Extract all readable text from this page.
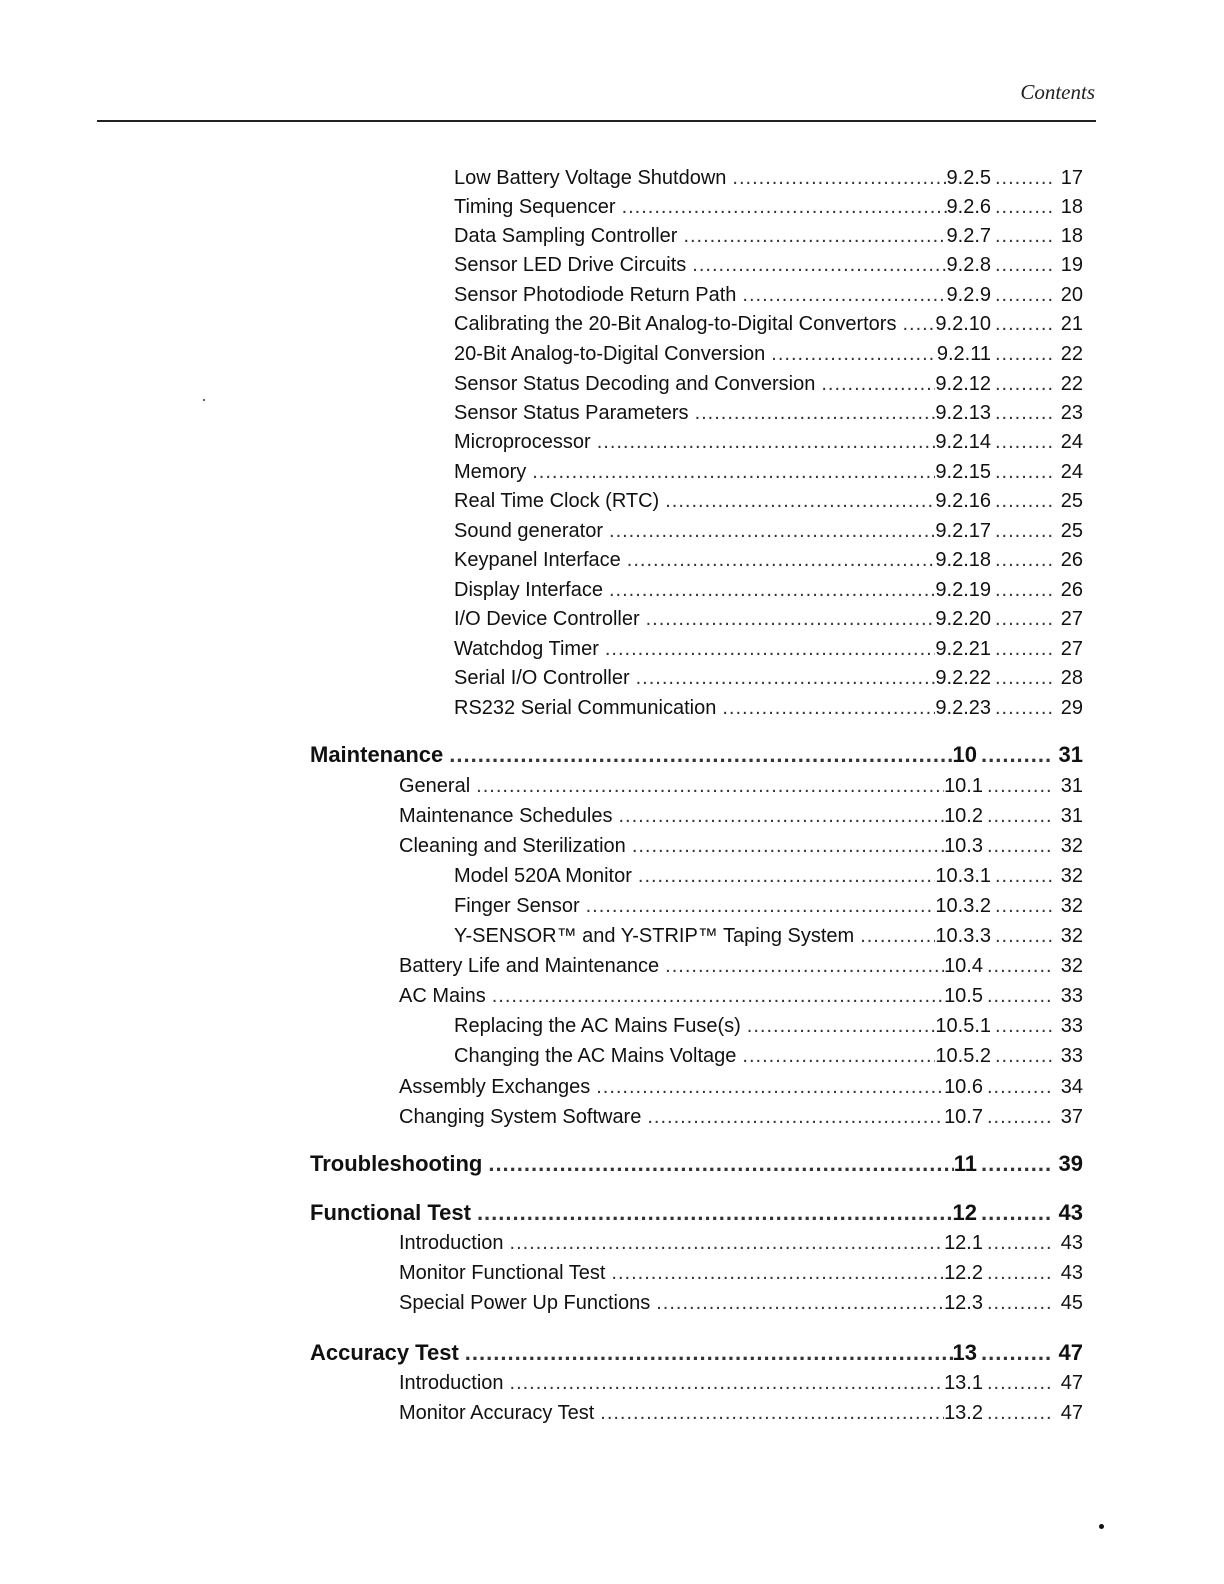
Contents
Low Battery Voltage Shutdown .....	9.2.5 .....	17
Timing Sequencer .....	9.2.6 .....	18
Data Sampling Controller .....	9.2.7 .....	18
Sensor LED Drive Circuits .....	9.2.8 .....	19
Sensor Photodiode Return Path .....	9.2.9 .....	20
Calibrating the 20-Bit Analog-to-Digital Convertors .....	9.2.10 .....	21
20-Bit Analog-to-Digital Conversion .....	9.2.11 .....	22
Sensor Status Decoding and Conversion .....	9.2.12 .....	22
Sensor Status Parameters .....	9.2.13 .....	23
Microprocessor .....	9.2.14 .....	24
Memory .....	9.2.15 .....	24
Real Time Clock (RTC) .....	9.2.16 .....	25
Sound generator .....	9.2.17 .....	25
Keypanel Interface .....	9.2.18 .....	26
Display Interface .....	9.2.19 .....	26
I/O Device Controller .....	9.2.20 .....	27
Watchdog Timer .....	9.2.21 .....	27
Serial I/O Controller .....	9.2.22 .....	28
RS232 Serial Communication .....	9.2.23 .....	29
Maintenance .....	10 .....	31
General .....	10.1 .....	31
Maintenance Schedules .....	10.2 .....	31
Cleaning and Sterilization .....	10.3 .....	32
Model 520A Monitor .....	10.3.1 .....	32
Finger Sensor .....	10.3.2 .....	32
Y-SENSOR™ and Y-STRIP™ Taping System .....	10.3.3 .....	32
Battery Life and Maintenance .....	10.4 .....	32
AC Mains .....	10.5 .....	33
Replacing the AC Mains Fuse(s) .....	10.5.1 .....	33
Changing the AC Mains Voltage .....	10.5.2 .....	33
Assembly Exchanges .....	10.6 .....	34
Changing System Software .....	10.7 .....	37
Troubleshooting .....	11 .....	39
Functional Test .....	12 .....	43
Introduction .....	12.1 .....	43
Monitor Functional Test .....	12.2 .....	43
Special Power Up Functions .....	12.3 .....	45
Accuracy Test .....	13 .....	47
Introduction .....	13.1 .....	47
Monitor Accuracy Test .....	13.2 .....	47
